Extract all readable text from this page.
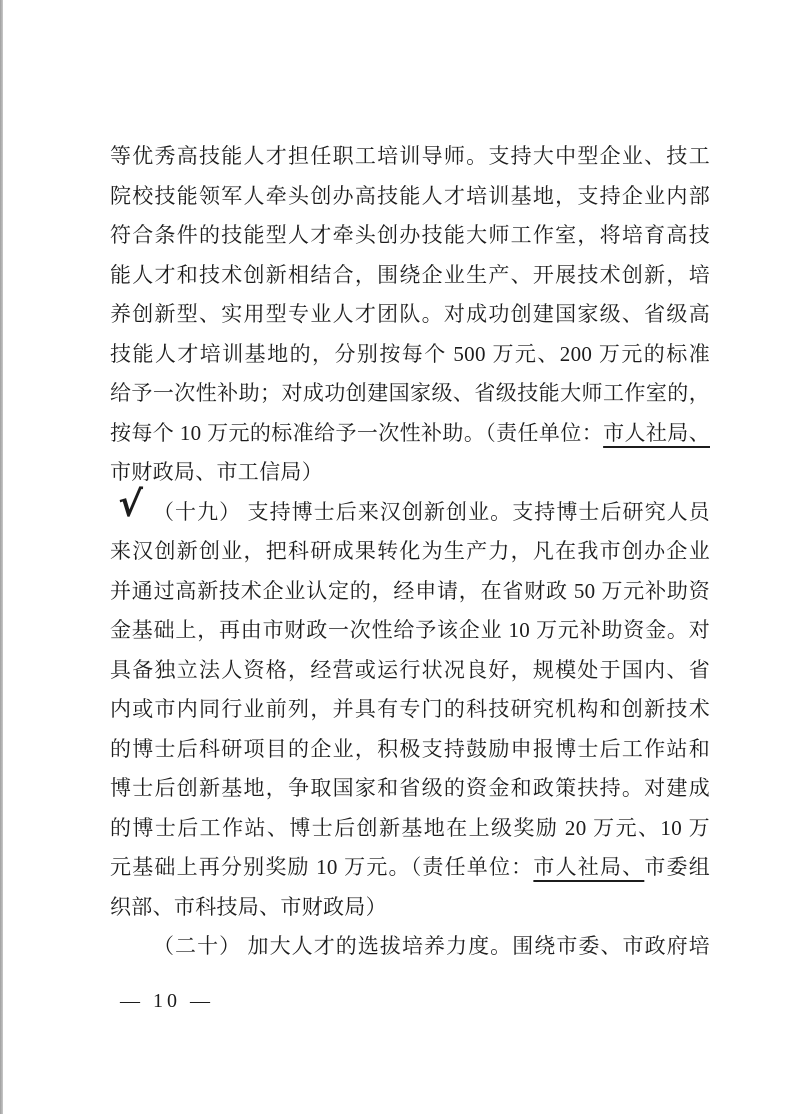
√
等优秀高技能人才担任职工培训导师。支持大中型企业、技工
院校技能领军人牵头创办高技能人才培训基地，支持企业内部
符合条件的技能型人才牵头创办技能大师工作室，将培育高技
能人才和技术创新相结合，围绕企业生产、开展技术创新，培
养创新型、实用型专业人才团队。对成功创建国家级、省级高
技能人才培训基地的，分别按每个 500 万元、200 万元的标准
给予一次性补助；对成功创建国家级、省级技能大师工作室的，
按每个 10 万元的标准给予一次性补助。（责任单位：市人社局、
市财政局、市工信局）
（十九） 支持博士后来汉创新创业。支持博士后研究人员
来汉创新创业，把科研成果转化为生产力，凡在我市创办企业
并通过高新技术企业认定的，经申请，在省财政 50 万元补助资
金基础上，再由市财政一次性给予该企业 10 万元补助资金。对
具备独立法人资格，经营或运行状况良好，规模处于国内、省
内或市内同行业前列，并具有专门的科技研究机构和创新技术
的博士后科研项目的企业，积极支持鼓励申报博士后工作站和
博士后创新基地，争取国家和省级的资金和政策扶持。对建成
的博士后工作站、博士后创新基地在上级奖励 20 万元、10 万
元基础上再分别奖励 10 万元。（责任单位：市人社局、市委组
织部、市科技局、市财政局）
（二十） 加大人才的选拔培养力度。围绕市委、市政府培
— 10 —
